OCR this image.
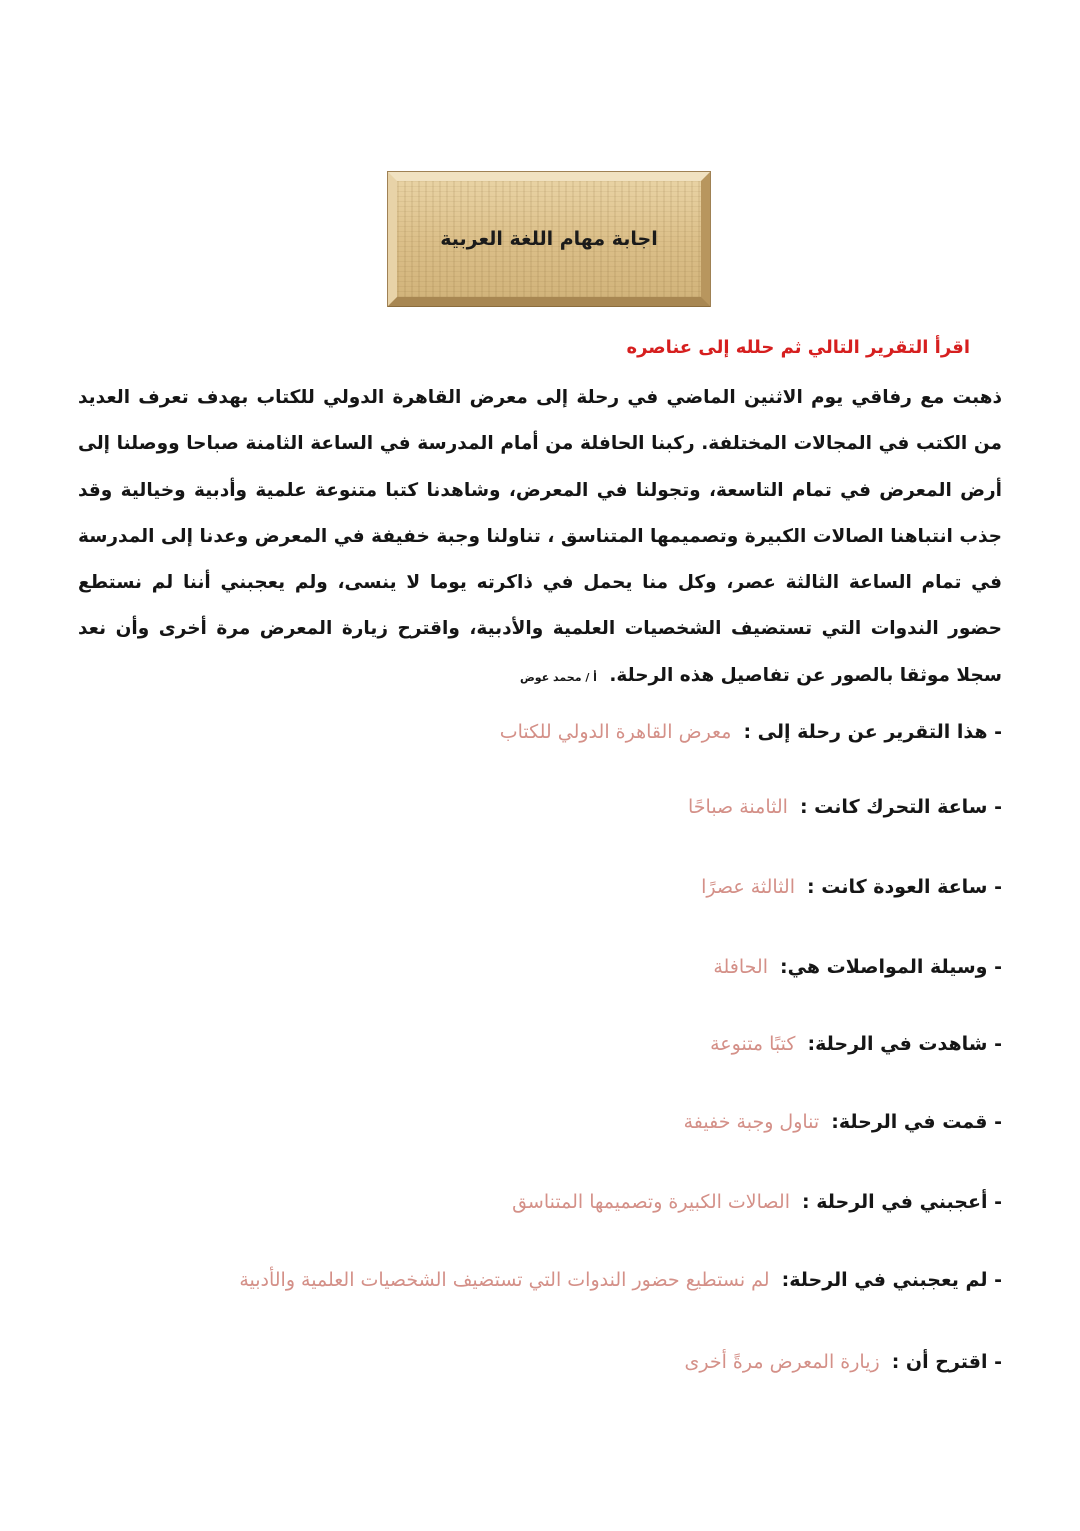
اجابة مهام اللغة العربية
اقرأ التقرير التالي ثم حلله إلى عناصره
ذهبت مع رفاقي يوم الاثنين الماضي في رحلة إلى معرض القاهرة الدولي للكتاب بهدف تعرف العديد من الكتب في المجالات المختلفة. ركبنا الحافلة من أمام المدرسة في الساعة الثامنة صباحا ووصلنا إلى أرض المعرض في تمام التاسعة، وتجولنا في المعرض، وشاهدنا كتبا متنوعة علمية وأدبية وخيالية وقد جذب انتباهنا الصالات الكبيرة وتصميمها المتناسق ، تناولنا وجبة خفيفة في المعرض وعدنا إلى المدرسة في تمام الساعة الثالثة عصر، وكل منا يحمل في ذاكرته يوما لا ينسى، ولم يعجبني أننا لم نستطع حضور الندوات التي تستضيف الشخصيات العلمية والأدبية، واقترح زيارة المعرض مرة أخرى وأن نعد سجلا موثقا بالصور عن تفاصيل هذه الرحلة. أ / محمد عوض
- هذا التقرير عن رحلة إلى : معرض القاهرة الدولي للكتاب
- ساعة التحرك كانت : الثامنة صباحًا
- ساعة العودة كانت : الثالثة عصرًا
- وسيلة المواصلات هي: الحافلة
- شاهدت في الرحلة: كتبًا متنوعة
- قمت في الرحلة: تناول وجبة خفيفة
- أعجبني في الرحلة : الصالات الكبيرة وتصميمها المتناسق
- لم يعجبني في الرحلة: لم نستطيع حضور الندوات التي تستضيف الشخصيات العلمية والأدبية
- اقترح أن : زيارة المعرض مرةً أخرى
